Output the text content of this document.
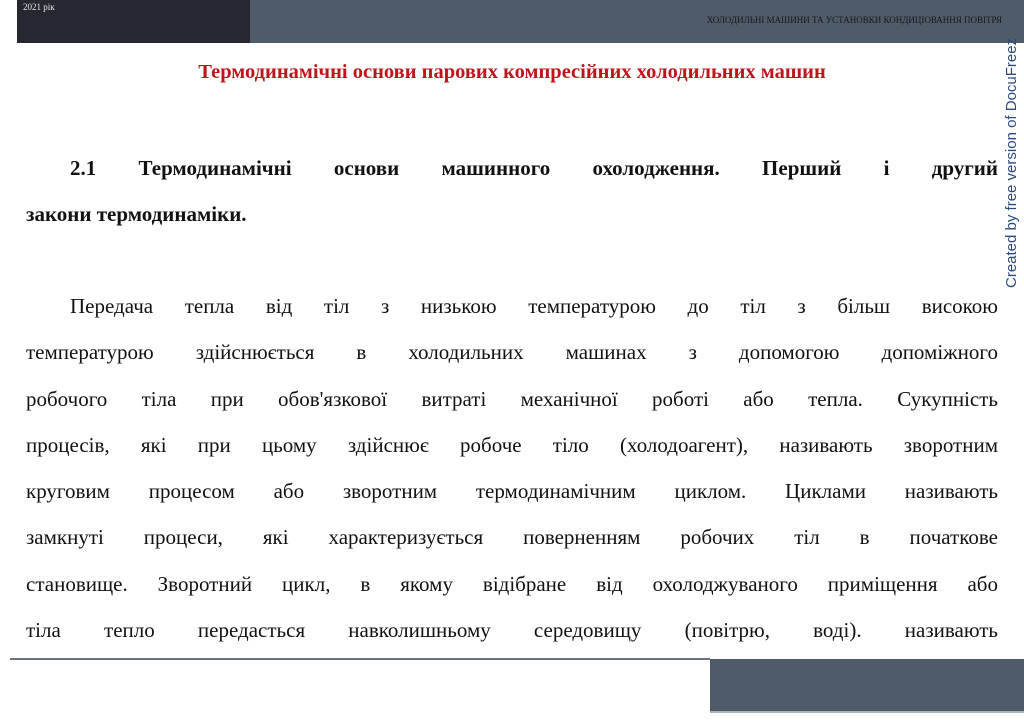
2021 рік
ХОЛОДИЛЬНІ МАШИНИ ТА УСТАНОВКИ КОНДИЦІОВАННЯ ПОВІТРЯ
Created by free version of DocuFreez
Термодинамічні основи парових компресійних холодильних машин
2.1 Термодинамічні основи машинного охолодження. Перший і другий
закони термодинаміки.
Передача тепла від тіл з низькою температурою до тіл з більш високою
температурою здійснюється в холодильних машинах з допомогою допоміжного
робочого тіла при обов'язкової витраті механічної роботі або тепла. Сукупність
процесів, які при цьому здійснює робоче тіло (холодоагент), називають зворотним
круговим процесом або зворотним термодинамічним циклом. Циклами називають
замкнуті процеси, які характеризується поверненням робочих тіл в початкове
становище. Зворотний цикл, в якому відібране від охолоджуваного приміщення або
тіла тепло передасться навколишньому середовищу (повітрю, воді). називають
